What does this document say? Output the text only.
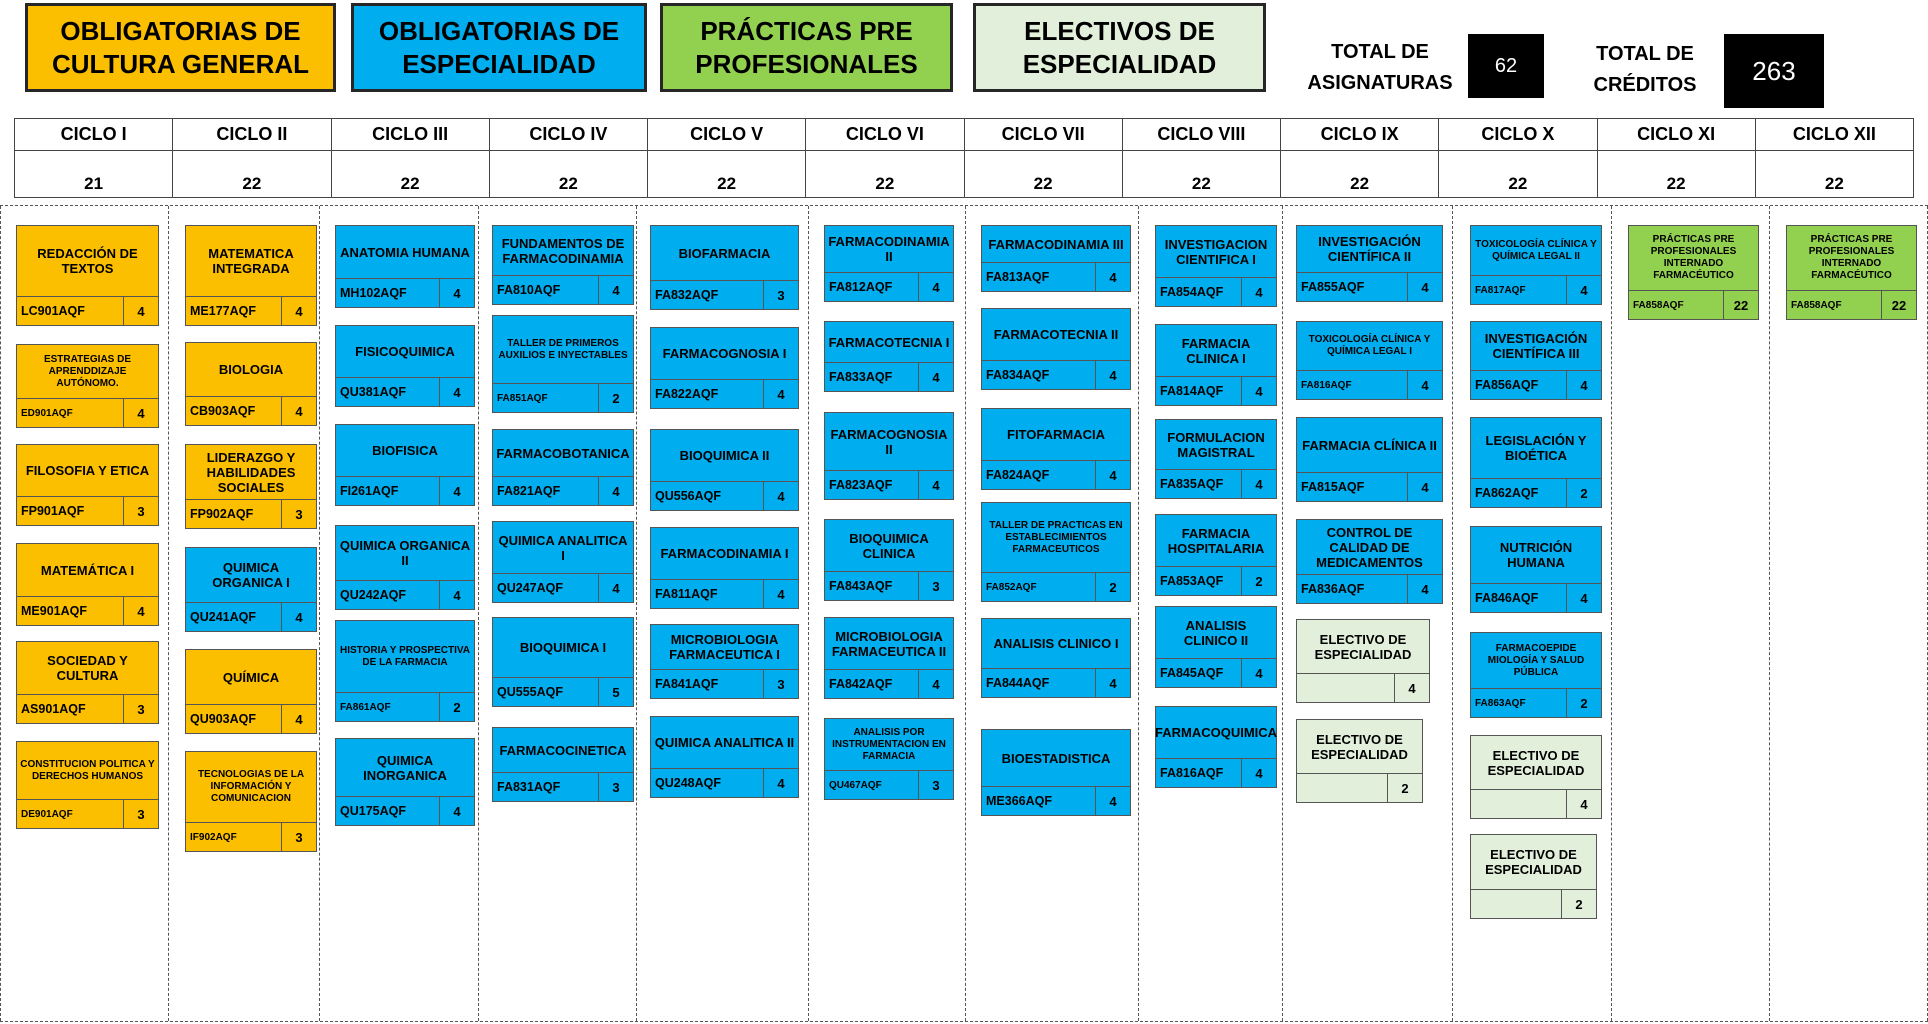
OBLIGATORIAS DE CULTURA GENERAL
OBLIGATORIAS DE ESPECIALIDAD
PRÁCTICAS PRE PROFESIONALES
ELECTIVOS DE ESPECIALIDAD	TOTAL DE ASIGNATURAS
62
TOTAL DE CRÉDITOS	263
CICLO I
21
CICLO II
22
CICLO III
22
CICLO IV
22
CICLO V
22
CICLO VI
22
CICLO VII
22
CICLO VIII
22
CICLO IX
22
CICLO X
22
CICLO XI
22
CICLO XII
22
REDACCIÓN DE TEXTOS
LC901AQF	4
ESTRATEGIAS DE APRENDDIZAJE AUTÓNOMO.
ED901AQF	4
FILOSOFIA Y ETICA
FP901AQF	3
MATEMÁTICA I
ME901AQF	4
SOCIEDAD Y CULTURA
AS901AQF	3
CONSTITUCION POLITICA Y DERECHOS HUMANOS
DE901AQF	3
MATEMATICA INTEGRADA
ME177AQF	4
BIOLOGIA
CB903AQF	4
LIDERAZGO Y HABILIDADES SOCIALES
FP902AQF	3
QUIMICA ORGANICA I
QU241AQF	4
QUÍMICA
QU903AQF	4
TECNOLOGIAS DE LA INFORMACIÓN Y COMUNICACION
IF902AQF	3
ANATOMIA HUMANA
MH102AQF	4
FISICOQUIMICA
QU381AQF	4
BIOFISICA
FI261AQF	4
QUIMICA ORGANICA II
QU242AQF	4
HISTORIA Y PROSPECTIVA DE LA FARMACIA
FA861AQF	2
QUIMICA INORGANICA
QU175AQF	4
FUNDAMENTOS DE FARMACODINAMIA
FA810AQF	4
TALLER DE PRIMEROS AUXILIOS E INYECTABLES
FA851AQF	2
FARMACOBOTANICA
FA821AQF	4
QUIMICA ANALITICA I
QU247AQF	4
BIOQUIMICA I
QU555AQF	5
FARMACOCINETICA
FA831AQF	3
BIOFARMACIA
FA832AQF	3
FARMACOGNOSIA I
FA822AQF	4
BIOQUIMICA II
QU556AQF	4
FARMACODINAMIA I
FA811AQF	4
MICROBIOLOGIA FARMACEUTICA I
FA841AQF	3
QUIMICA ANALITICA II
QU248AQF	4
FARMACODINAMIA II
FA812AQF	4
FARMACOTECNIA I
FA833AQF	4
FARMACOGNOSIA II
FA823AQF	4
BIOQUIMICA CLINICA
FA843AQF	3
MICROBIOLOGIA FARMACEUTICA II
FA842AQF	4
ANALISIS POR INSTRUMENTACION EN FARMACIA
QU467AQF	3
FARMACODINAMIA III
FA813AQF	4
FARMACOTECNIA II
FA834AQF	4
FITOFARMACIA
FA824AQF	4
TALLER DE PRACTICAS EN ESTABLECIMIENTOS FARMACEUTICOS
FA852AQF	2
ANALISIS CLINICO I
FA844AQF	4
BIOESTADISTICA
ME366AQF	4
INVESTIGACION CIENTIFICA I
FA854AQF	4
FARMACIA CLINICA I
FA814AQF	4
FORMULACION MAGISTRAL
FA835AQF	4
FARMACIA HOSPITALARIA
FA853AQF	2
ANALISIS CLINICO II
FA845AQF	4
FARMACOQUIMICA
FA816AQF	4
INVESTIGACIÓN CIENTÍFICA II
FA855AQF	4
TOXICOLOGÍA CLÍNICA Y QUÍMICA LEGAL I
FA816AQF	4
FARMACIA CLÍNICA II
FA815AQF	4
CONTROL DE CALIDAD DE MEDICAMENTOS
FA836AQF	4
ELECTIVO DE ESPECIALIDAD
4
ELECTIVO DE ESPECIALIDAD
2
TOXICOLOGÍA CLÍNICA Y QUÍMICA LEGAL II
FA817AQF	4
INVESTIGACIÓN CIENTÍFICA III
FA856AQF	4
LEGISLACIÓN Y BIOÉTICA
FA862AQF	2
NUTRICIÓN HUMANA
FA846AQF	4
FARMACOEPIDE MIOLOGÍA Y SALUD PÚBLICA
FA863AQF	2
ELECTIVO DE ESPECIALIDAD
4
ELECTIVO DE ESPECIALIDAD
2
PRÁCTICAS PRE PROFESIONALES INTERNADO FARMACÉUTICO
FA858AQF	22
PRÁCTICAS PRE PROFESIONALES INTERNADO FARMACÉUTICO
FA858AQF	22
